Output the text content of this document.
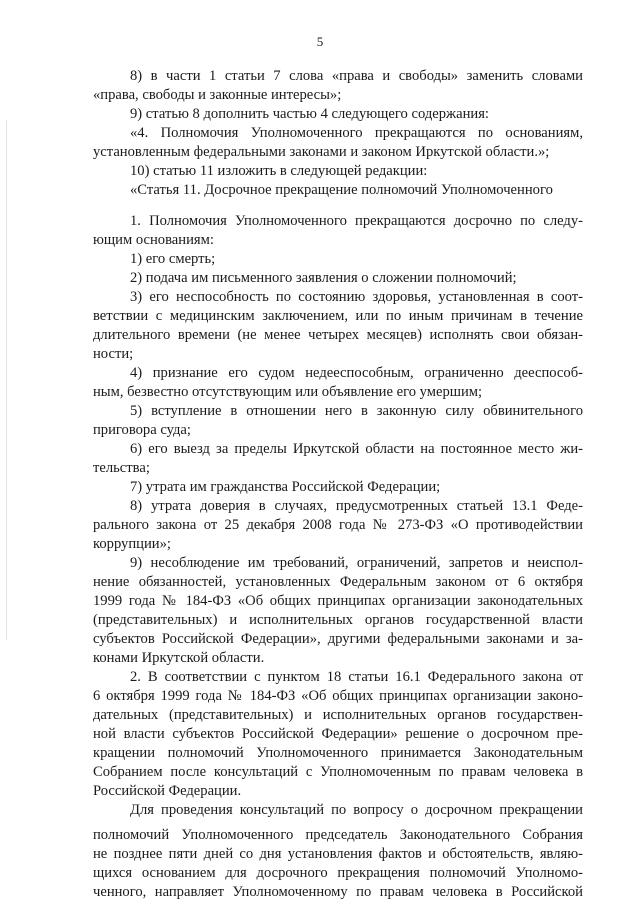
5
8) в части 1 статьи 7 слова «права и свободы» заменить словами
«права, свободы и законные интересы»;
9) статью 8 дополнить частью 4 следующего содержания:
«4. Полномочия Уполномоченного прекращаются по основаниям,
установленным федеральными законами и законом Иркутской области.»;
10) статью 11 изложить в следующей редакции:
«Статья 11. Досрочное прекращение полномочий Уполномоченного
1. Полномочия Уполномоченного прекращаются досрочно по следу-
ющим основаниям:
1) его смерть;
2) подача им письменного заявления о сложении полномочий;
3) его неспособность по состоянию здоровья, установленная в соот-
ветствии с медицинским заключением, или по иным причинам в течение
длительного времени (не менее четырех месяцев) исполнять свои обязан-
ности;
4) признание его судом недееспособным, ограниченно дееспособ-
ным, безвестно отсутствующим или объявление его умершим;
5) вступление в отношении него в законную силу обвинительного
приговора суда;
6) его выезд за пределы Иркутской области на постоянное место жи-
тельства;
7) утрата им гражданства Российской Федерации;
8) утрата доверия в случаях, предусмотренных статьей 13.1 Феде-
рального закона от 25 декабря 2008 года № 273-ФЗ «О противодействии
коррупции»;
9) несоблюдение им требований, ограничений, запретов и неиспол-
нение обязанностей, установленных Федеральным законом от 6 октября
1999 года № 184-ФЗ «Об общих принципах организации законодательных
(представительных) и исполнительных органов государственной власти
субъектов Российской Федерации», другими федеральными законами и за-
конами Иркутской области.
2. В соответствии с пунктом 18 статьи 16.1 Федерального закона от
6 октября 1999 года № 184-ФЗ «Об общих принципах организации законо-
дательных (представительных) и исполнительных органов государствен-
ной власти субъектов Российской Федерации» решение о досрочном пре-
кращении полномочий Уполномоченного принимается Законодательным
Собранием после консультаций с Уполномоченным по правам человека в
Российской Федерации.
Для проведения консультаций по вопросу о досрочном прекращении
полномочий Уполномоченного председатель Законодательного Собрания
не позднее пяти дней со дня установления фактов и обстоятельств, являю-
щихся основанием для досрочного прекращения полномочий Уполномо-
ченного, направляет Уполномоченному по правам человека в Российской
